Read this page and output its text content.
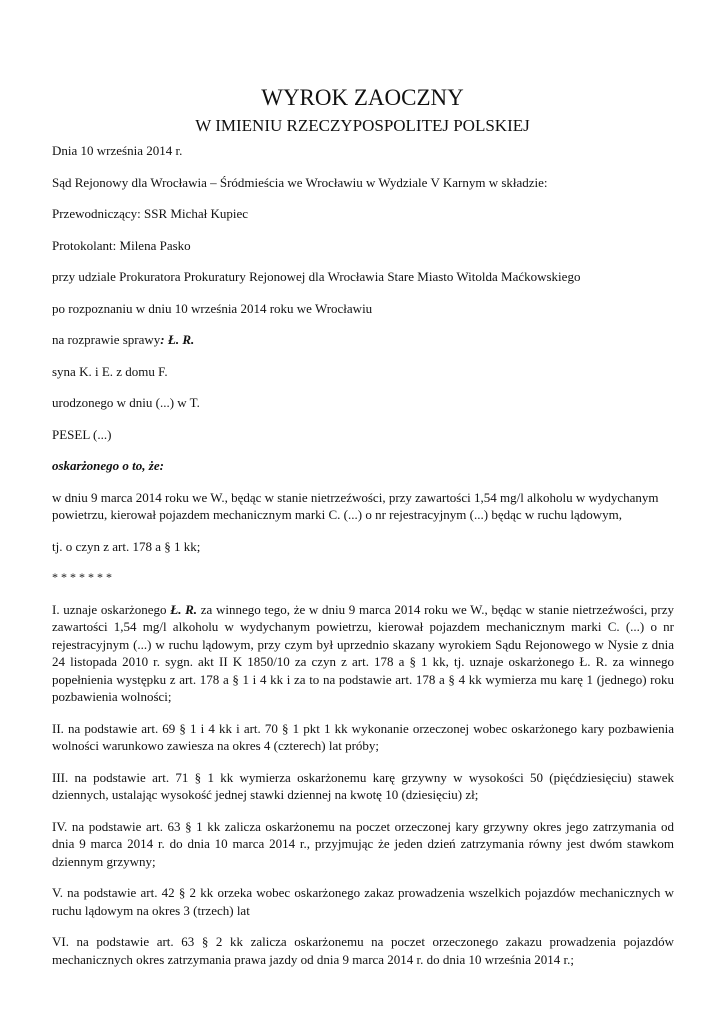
WYROK ZAOCZNY
W IMIENIU RZECZYPOSPOLITEJ POLSKIEJ

Dnia 10 września 2014 r.

Sąd Rejonowy dla Wrocławia – Śródmieścia we Wrocławiu w Wydziale V Karnym w składzie:

Przewodniczący: SSR Michał Kupiec

Protokolant: Milena Pasko

przy udziale Prokuratora Prokuratury Rejonowej dla Wrocławia Stare Miasto Witolda Maćkowskiego

po rozpoznaniu w dniu 10 września 2014 roku we Wrocławiu

na rozprawie sprawy: Ł. R.

syna K. i E. z domu F.

urodzonego w dniu (...) w T.

PESEL (...)

oskarżonego o to, że:

w dniu 9 marca 2014 roku we W., będąc w stanie nietrzeźwości, przy zawartości 1,54 mg/l alkoholu w wydychanym powietrzu, kierował pojazdem mechanicznym marki C. (...) o nr rejestracyjnym (...) będąc w ruchu lądowym,

tj. o czyn z art. 178 a § 1 kk;

* * * * * * *

I. uznaje oskarżonego Ł. R. za winnego tego, że w dniu 9 marca 2014 roku we W., będąc w stanie nietrzeźwości, przy zawartości 1,54 mg/l alkoholu w wydychanym powietrzu, kierował pojazdem mechanicznym marki C. (...) o nr rejestracyjnym (...) w ruchu lądowym, przy czym był uprzednio skazany wyrokiem Sądu Rejonowego w Nysie z dnia 24 listopada 2010 r. sygn. akt II K 1850/10 za czyn z art. 178 a § 1 kk, tj. uznaje oskarżonego Ł. R. za winnego popełnienia występku z art. 178 a § 1 i 4 kk i za to na podstawie art. 178 a § 4 kk wymierza mu karę 1 (jednego) roku pozbawienia wolności;

II. na podstawie art. 69 § 1 i 4 kk i art. 70 § 1 pkt 1 kk wykonanie orzeczonej wobec oskarżonego kary pozbawienia wolności warunkowo zawiesza na okres 4 (czterech) lat próby;

III. na podstawie art. 71 § 1 kk wymierza oskarżonemu karę grzywny w wysokości 50 (pięćdziesięciu) stawek dziennych, ustalając wysokość jednej stawki dziennej na kwotę 10 (dziesięciu) zł;

IV. na podstawie art. 63 § 1 kk zalicza oskarżonemu na poczet orzeczonej kary grzywny okres jego zatrzymania od dnia 9 marca 2014 r. do dnia 10 marca 2014 r., przyjmując że jeden dzień zatrzymania równy jest dwóm stawkom dziennym grzywny;

V. na podstawie art. 42 § 2 kk orzeka wobec oskarżonego zakaz prowadzenia wszelkich pojazdów mechanicznych w ruchu lądowym na okres 3 (trzech) lat

VI. na podstawie art. 63 § 2 kk zalicza oskarżonemu na poczet orzeczonego zakazu prowadzenia pojazdów mechanicznych okres zatrzymania prawa jazdy od dnia 9 marca 2014 r. do dnia 10 września 2014 r.;
